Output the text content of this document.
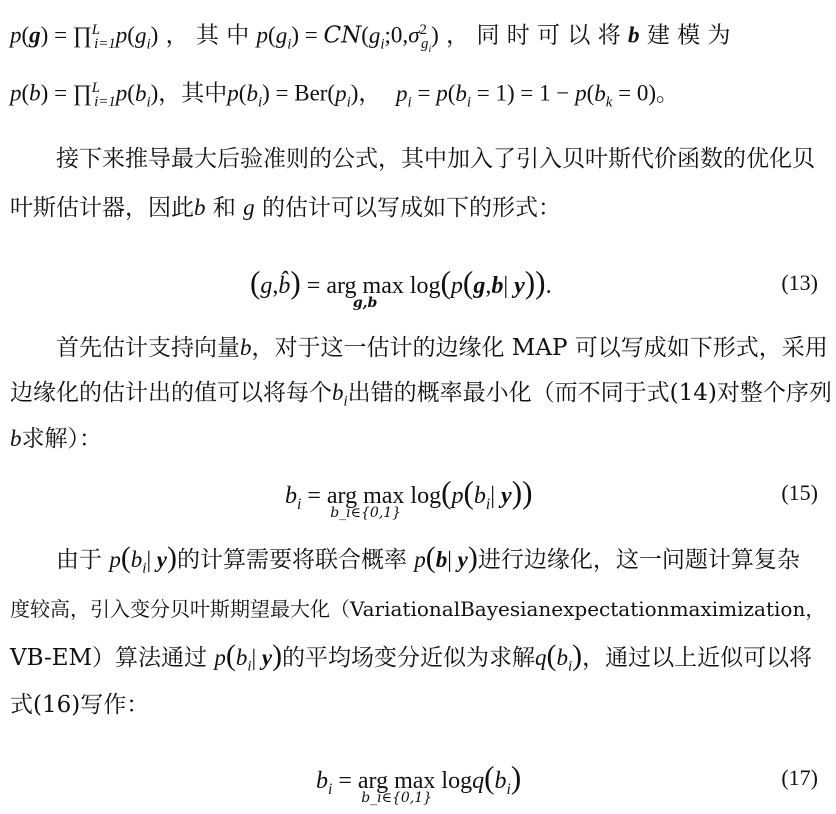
$p(g) = \prod^L_{i=1}p(g_i)$ ， 其 中 $p(g_i)$ = $CN(g_i;0,\sigma^2_{g_i})$ ， 同 时 可 以 将 b 建 模 为
$p(b) = \prod^L_{i=1}p(b_i)$，其中$p(b_i) = Ber(p_i)$， $p_i = p(b_i = 1) = 1 - p(b_k = 0)$。
接下来推导最大后验准则的公式，其中加入了引入贝叶斯代价函数的优化贝
叶斯估计器，因此b 和 g 的估计可以写成如下的形式：
(g,b̂) = arg max
g,b
log(p(g,b| y)).	(13)
首先估计支持向量b，对于这一估计的边缘化 MAP 可以写成如下形式，采用
边缘化的估计出的值可以将每个$b_i$出错的概率最小化（而不同于式(14)对整个序列
b求解）：
$b_i$ = arg max
b_i∈{0,1}
$\log(p(b_i|$ y))	(15)
由于 $p(b_i|$ y)的计算需要将联合概率 p(b| y)进行边缘化，这一问题计算复杂
度较高，引入变分贝叶斯期望最大化（VariationalBayesianexpectationmaximization，
VB-EM）算法通过 $p(b_i|$ y)的平均场变分近似为求解$q(b_i)$，通过以上近似可以将
式(16)写作：
$b_i$ = arg max
b_i∈{0,1}
$\log q(b_i)$	(17)
